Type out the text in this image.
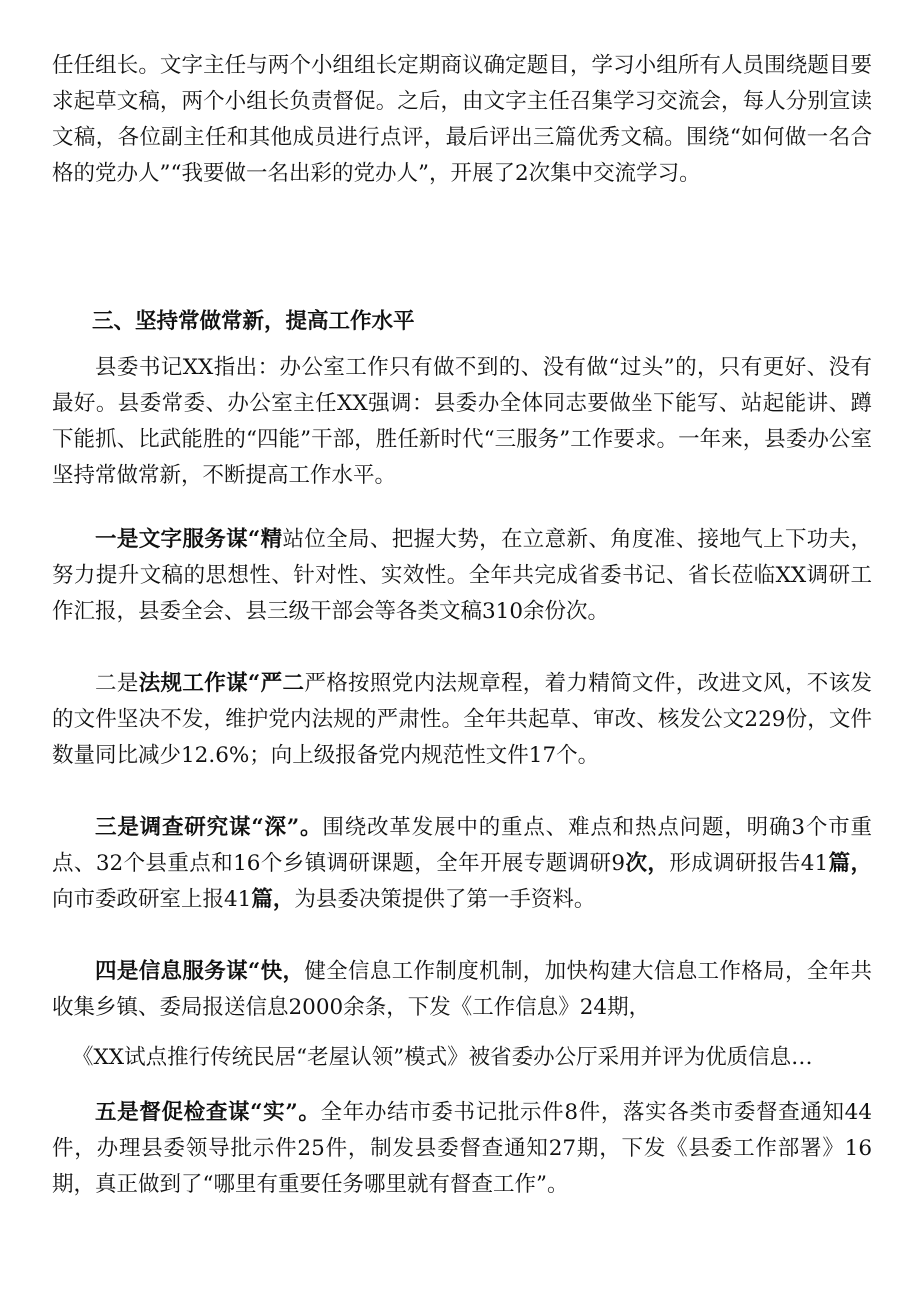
任任组长。文字主任与两个小组组长定期商议确定题目，学习小组所有人员围绕题目要求起草文稿，两个小组长负责督促。之后，由文字主任召集学习交流会，每人分别宣读文稿，各位副主任和其他成员进行点评，最后评出三篇优秀文稿。围绕“如何做一名合格的党办人”“我要做一名出彩的党办人”，开展了2次集中交流学习。

三、坚持常做常新，提高工作水平

县委书记XX指出：办公室工作只有做不到的、没有做“过头”的，只有更好、没有最好。县委常委、办公室主任XX强调：县委办全体同志要做坐下能写、站起能讲、蹲下能抓、比武能胜的“四能”干部，胜任新时代“三服务”工作要求。一年来，县委办公室坚持常做常新，不断提高工作水平。

一是文字服务谋“精站位全局、把握大势，在立意新、角度准、接地气上下功夫，努力提升文稿的思想性、针对性、实效性。全年共完成省委书记、省长莅临XX调研工作汇报，县委全会、县三级干部会等各类文稿310余份次。

二是法规工作谋“严二严格按照党内法规章程，着力精简文件，改进文风，不该发的文件坚决不发，维护党内法规的严肃性。全年共起草、审改、核发公文229份，文件数量同比减少12.6%；向上级报备党内规范性文件17个。

三是调查研究谋“深”。围绕改革发展中的重点、难点和热点问题，明确3个市重点、32个县重点和16个乡镇调研课题，全年开展专题调研9次，形成调研报告41篇，向市委政研室上报41篇，为县委决策提供了第一手资料。

四是信息服务谋“快，健全信息工作制度机制，加快构建大信息工作格局，全年共收集乡镇、委局报送信息2000余条，下发《工作信息》24期，

《XX试点推行传统民居“老屋认领”模式》被省委办公厅采用并评为优质信息…

五是督促检查谋“实”。全年办结市委书记批示件8件，落实各类市委督查通知44件，办理县委领导批示件25件，制发县委督查通知27期，下发《县委工作部署》16期，真正做到了“哪里有重要任务哪里就有督查工作”。
